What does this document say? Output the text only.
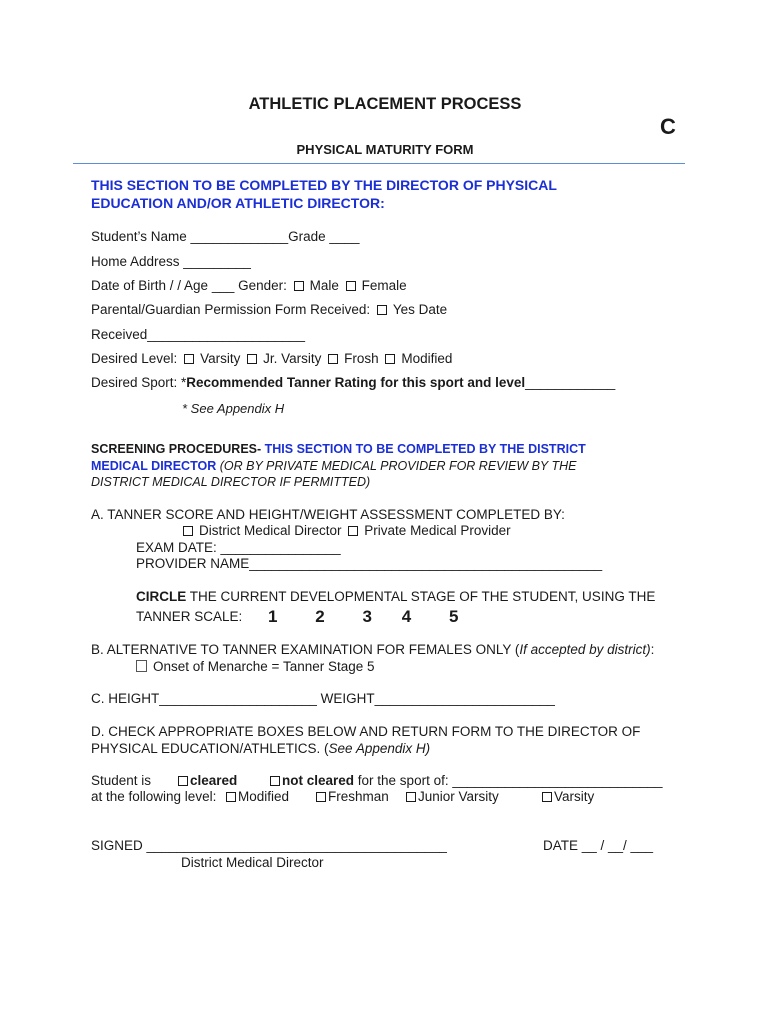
ATHLETIC PLACEMENT PROCESS
C
PHYSICAL MATURITY FORM
THIS SECTION TO BE COMPLETED BY THE DIRECTOR OF PHYSICAL
EDUCATION AND/OR ATHLETIC DIRECTOR:
Student’s Name _____________Grade ____
Home Address _________
Date of Birth / / Age ___ Gender: Male Female
Parental/Guardian Permission Form Received: Yes Date
Received_____________________
Desired Level: Varsity Jr. Varsity Frosh Modified
Desired Sport: *Recommended Tanner Rating for this sport and level____________
* See Appendix H
SCREENING PROCEDURES- THIS SECTION TO BE COMPLETED BY THE DISTRICT
MEDICAL DIRECTOR (OR BY PRIVATE MEDICAL PROVIDER FOR REVIEW BY THE
DISTRICT MEDICAL DIRECTOR IF PERMITTED)
A. TANNER SCORE AND HEIGHT/WEIGHT ASSESSMENT COMPLETED BY:
District Medical Director Private Medical Provider
EXAM DATE: ________________
PROVIDER NAME_______________________________________________
CIRCLE THE CURRENT DEVELOPMENTAL STAGE OF THE STUDENT, USING THE
TANNER SCALE: 1 2 3 4 5
B. ALTERNATIVE TO TANNER EXAMINATION FOR FEMALES ONLY (If accepted by district):
Onset of Menarche = Tanner Stage 5
C. HEIGHT_____________________ WEIGHT________________________
D. CHECK APPROPRIATE BOXES BELOW AND RETURN FORM TO THE DIRECTOR OF
PHYSICAL EDUCATION/ATHLETICS. (See Appendix H)
Student is	cleared	not cleared for the sport of: ____________________________
at the following level:	Modified	Freshman	Junior Varsity	Varsity
SIGNED ________________________________________	DATE __ / __/ ___
District Medical Director
